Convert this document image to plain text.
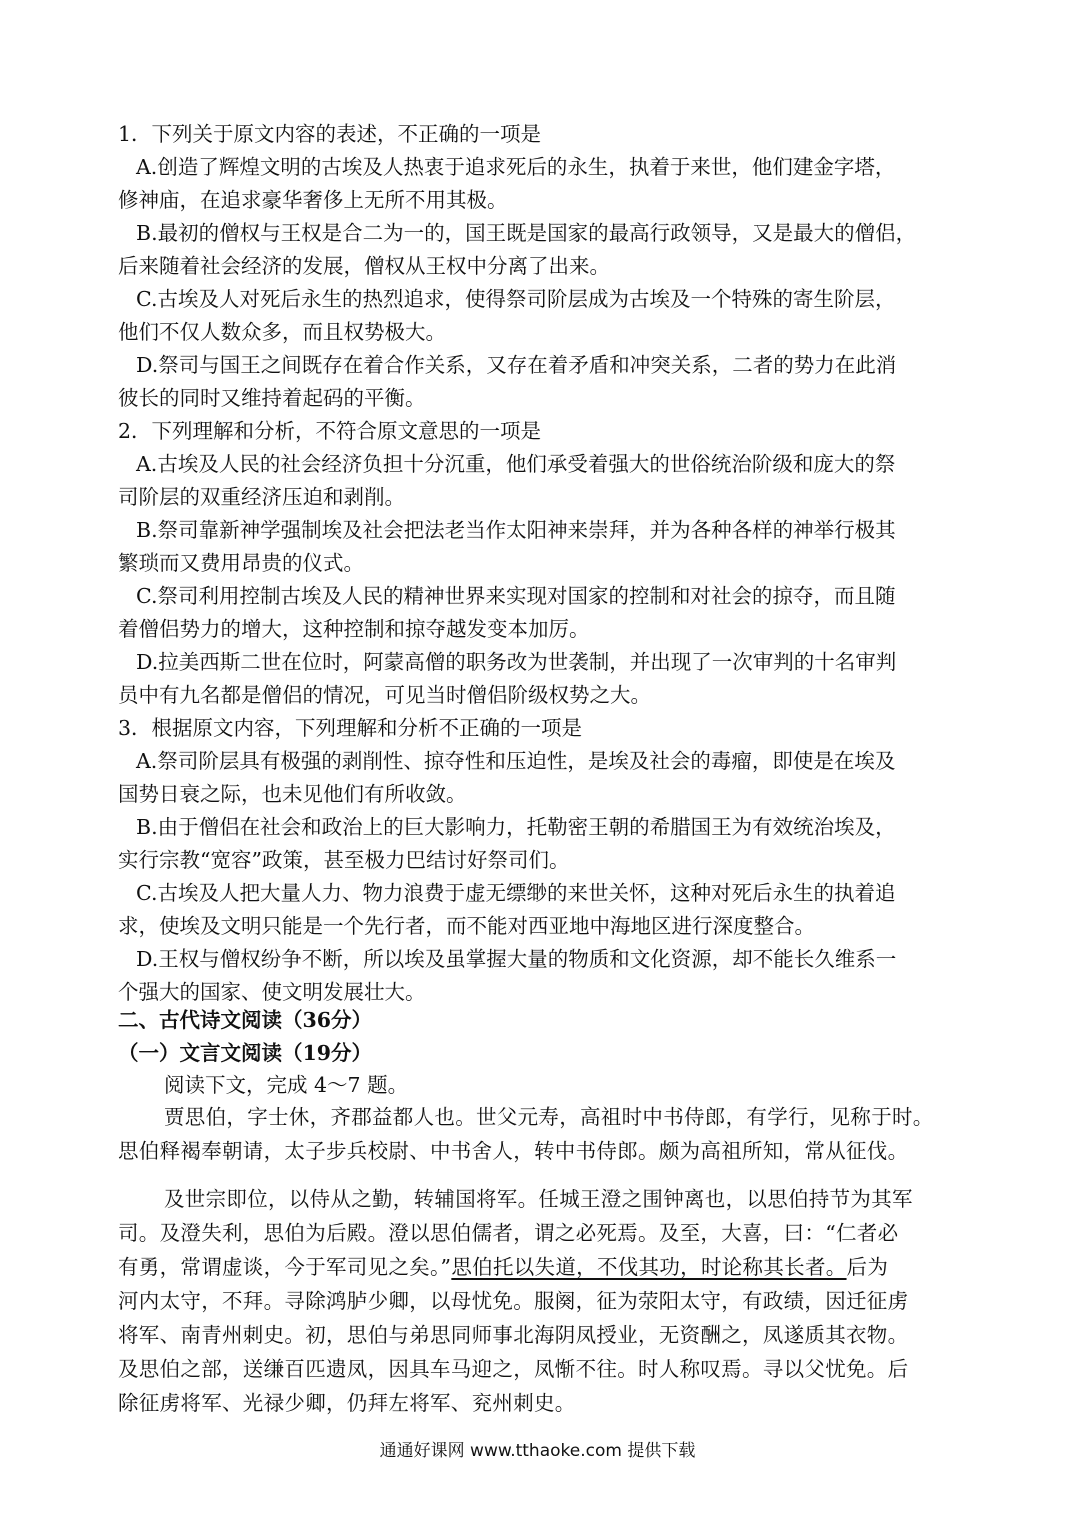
1．下列关于原文内容的表述，不正确的一项是
A.创造了辉煌文明的古埃及人热衷于追求死后的永生，执着于来世，他们建金字塔，
修神庙，在追求豪华奢侈上无所不用其极。
B.最初的僧权与王权是合二为一的，国王既是国家的最高行政领导，又是最大的僧侣，
后来随着社会经济的发展，僧权从王权中分离了出来。
C.古埃及人对死后永生的热烈追求，使得祭司阶层成为古埃及一个特殊的寄生阶层，
他们不仅人数众多，而且权势极大。
D.祭司与国王之间既存在着合作关系，又存在着矛盾和冲突关系，二者的势力在此消
彼长的同时又维持着起码的平衡。
2．下列理解和分析，不符合原文意思的一项是
A.古埃及人民的社会经济负担十分沉重，他们承受着强大的世俗统治阶级和庞大的祭
司阶层的双重经济压迫和剥削。
B.祭司靠新神学强制埃及社会把法老当作太阳神来崇拜，并为各种各样的神举行极其
繁琐而又费用昂贵的仪式。
C.祭司利用控制古埃及人民的精神世界来实现对国家的控制和对社会的掠夺，而且随
着僧侣势力的增大，这种控制和掠夺越发变本加厉。
D.拉美西斯二世在位时，阿蒙高僧的职务改为世袭制，并出现了一次审判的十名审判
员中有九名都是僧侣的情况，可见当时僧侣阶级权势之大。
3．根据原文内容，下列理解和分析不正确的一项是
A.祭司阶层具有极强的剥削性、掠夺性和压迫性，是埃及社会的毒瘤，即使是在埃及
国势日衰之际，也未见他们有所收敛。
B.由于僧侣在社会和政治上的巨大影响力，托勒密王朝的希腊国王为有效统治埃及，
实行宗教“宽容”政策，甚至极力巴结讨好祭司们。
C.古埃及人把大量人力、物力浪费于虚无缥缈的来世关怀，这种对死后永生的执着追
求，使埃及文明只能是一个先行者，而不能对西亚地中海地区进行深度整合。
D.王权与僧权纷争不断，所以埃及虽掌握大量的物质和文化资源，却不能长久维系一
个强大的国家、使文明发展壮大。
二、古代诗文阅读（36分）
（一）文言文阅读（19分）
阅读下文，完成 4～7 题。
贾思伯，字士休，齐郡益都人也。世父元寿，高祖时中书侍郎，有学行，见称于时。
思伯释褐奉朝请，太子步兵校尉、中书舍人，转中书侍郎。颇为高祖所知，常从征伐。
及世宗即位，以侍从之勤，转辅国将军。任城王澄之围钟离也，以思伯持节为其军
司。及澄失利，思伯为后殿。澄以思伯儒者，谓之必死焉。及至，大喜，曰：“仁者必
有勇，常谓虚谈，今于军司见之矣。”思伯托以失道，不伐其功，时论称其长者。后为
河内太守，不拜。寻除鸿胪少卿，以母忧免。服阕，征为荥阳太守，有政绩，因迁征虏
将军、南青州刺史。初，思伯与弟思同师事北海阴凤授业，无资酬之，凤遂质其衣物。
及思伯之部，送缣百匹遗凤，因具车马迎之，凤惭不往。时人称叹焉。寻以父忧免。后
通通好课网 www.tthaoke.com 提供下载
除征虏将军、光禄少卿，仍拜左将军、兖州刺史。
